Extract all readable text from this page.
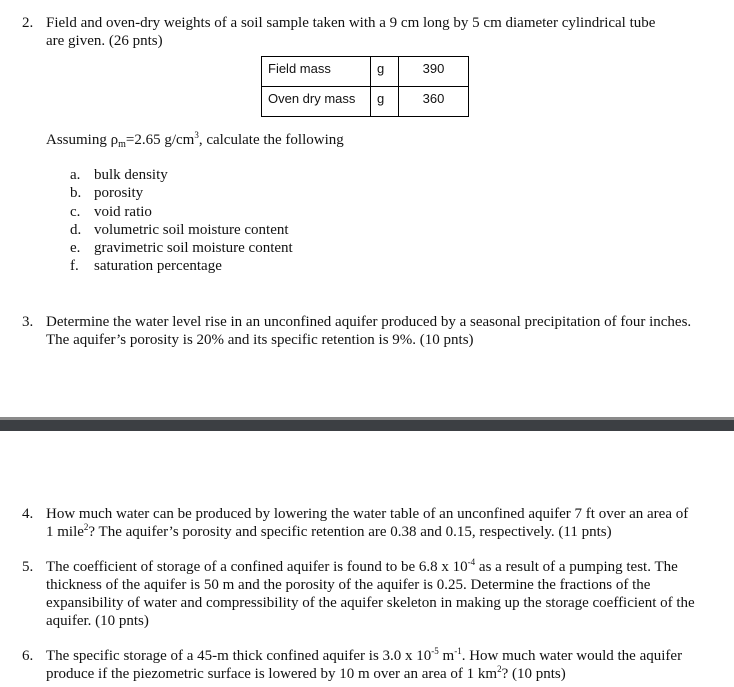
2. Field and oven-dry weights of a soil sample taken with a 9 cm long by 5 cm diameter cylindrical tube
are given. (26 pnts)
Field mass	g	390
Oven dry mass	g	360
Assuming $\rho_m=2.65$ $g/cm^3$, calculate the following
a. bulk density
b. porosity
c. void ratio
d. volumetric soil moisture content
e. gravimetric soil moisture content
f. saturation percentage
3. Determine the water level rise in an unconfined aquifer produced by a seasonal precipitation of four inches.
The aquifer’s porosity is 20% and its specific retention is 9%. (10 pnts)
4. How much water can be produced by lowering the water table of an unconfined aquifer 7 ft over an area of
1 mile$^2$? The aquifer’s porosity and specific retention are 0.38 and 0.15, respectively. (11 pnts)
5. The coefficient of storage of a confined aquifer is found to be 6.8 x $10^{-4}$ as a result of a pumping test. The
thickness of the aquifer is 50 m and the porosity of the aquifer is 0.25. Determine the fractions of the
expansibility of water and compressibility of the aquifer skeleton in making up the storage coefficient of the
aquifer. (10 pnts)
6. The specific storage of a 45-m thick confined aquifer is 3.0 x $10^{-5}$ $m^{-1}$. How much water would the aquifer
produce if the piezometric surface is lowered by 10 m over an area of 1 $km^2$? (10 pnts)
